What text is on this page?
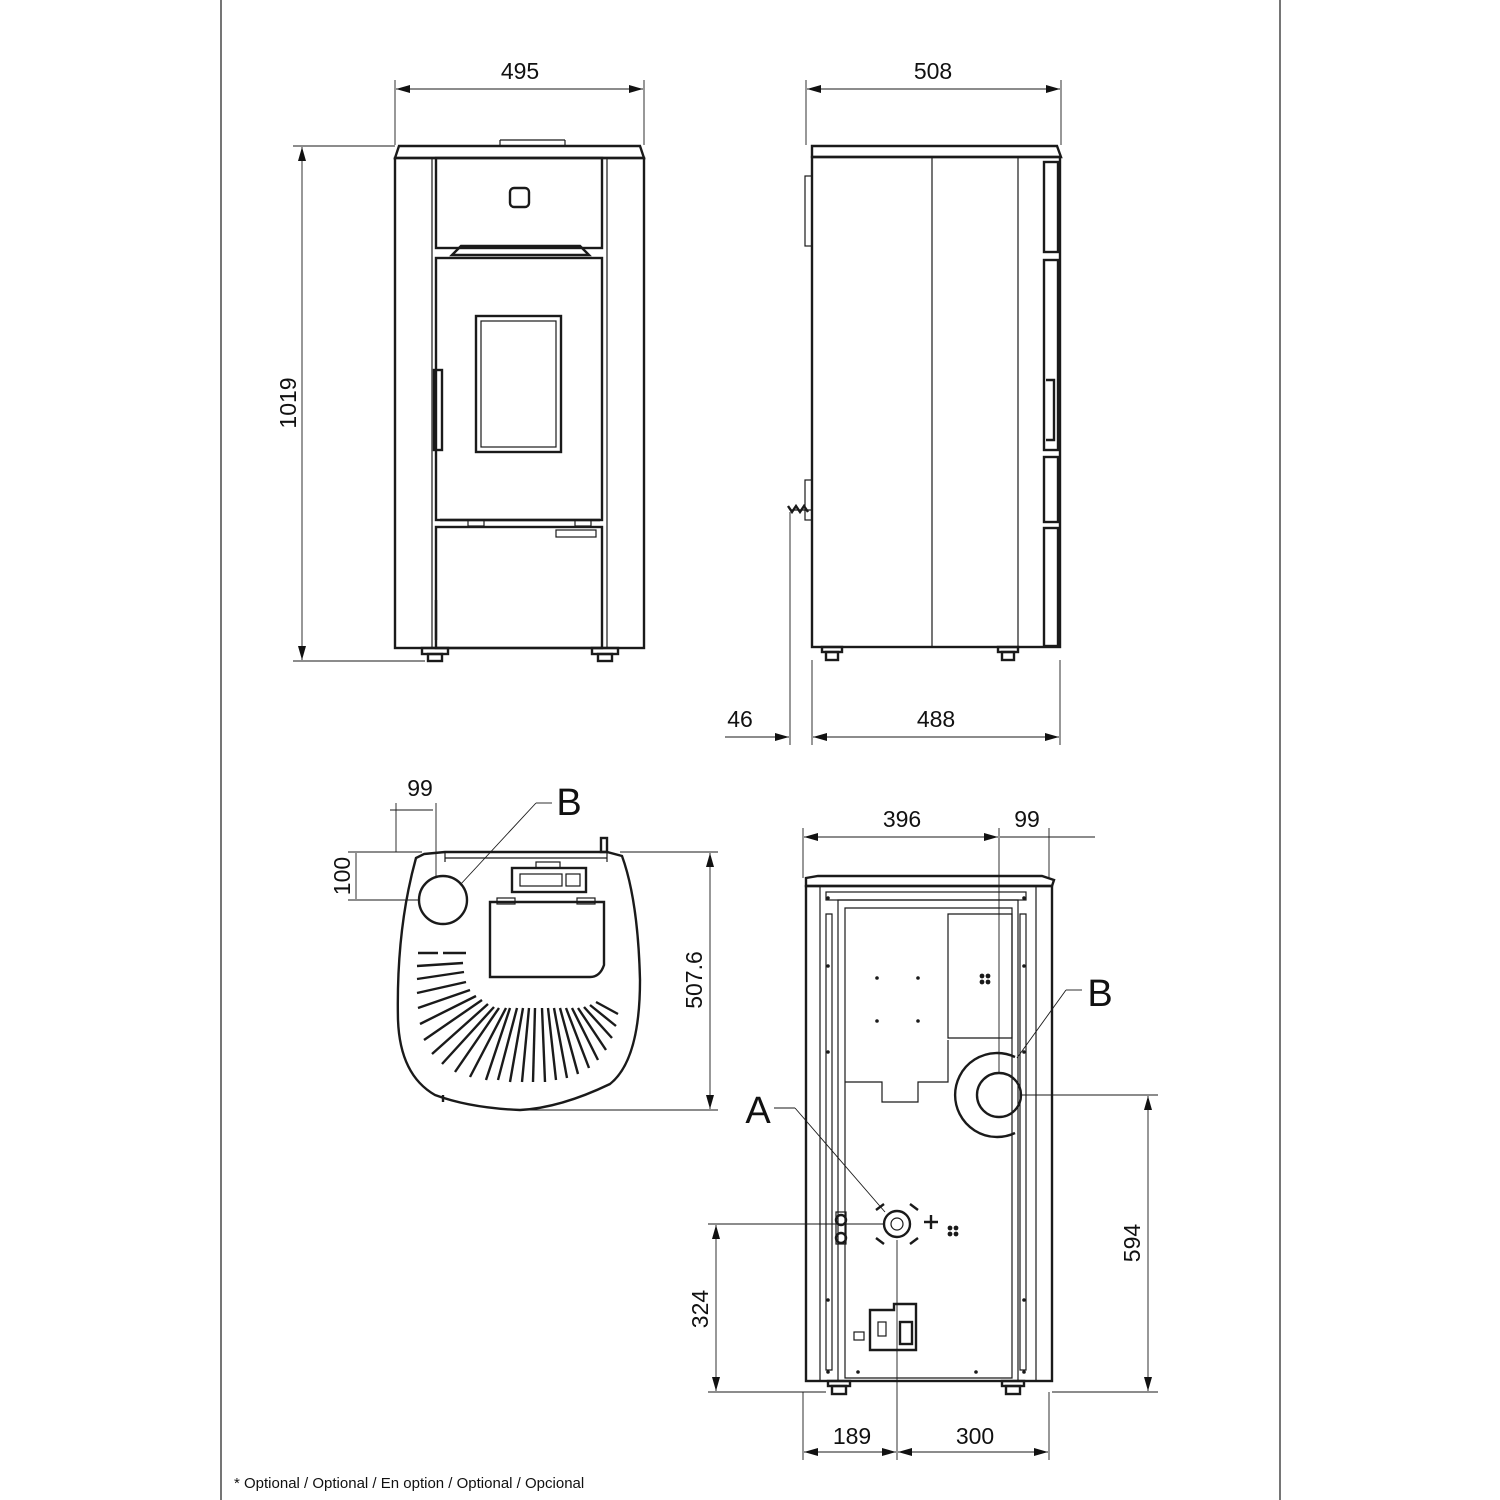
495
1019
508
46	488
99
100
507.6
B	396	99
594
B
324
A
189	300
* Optional / Optional / En option / Optional / Opcional
